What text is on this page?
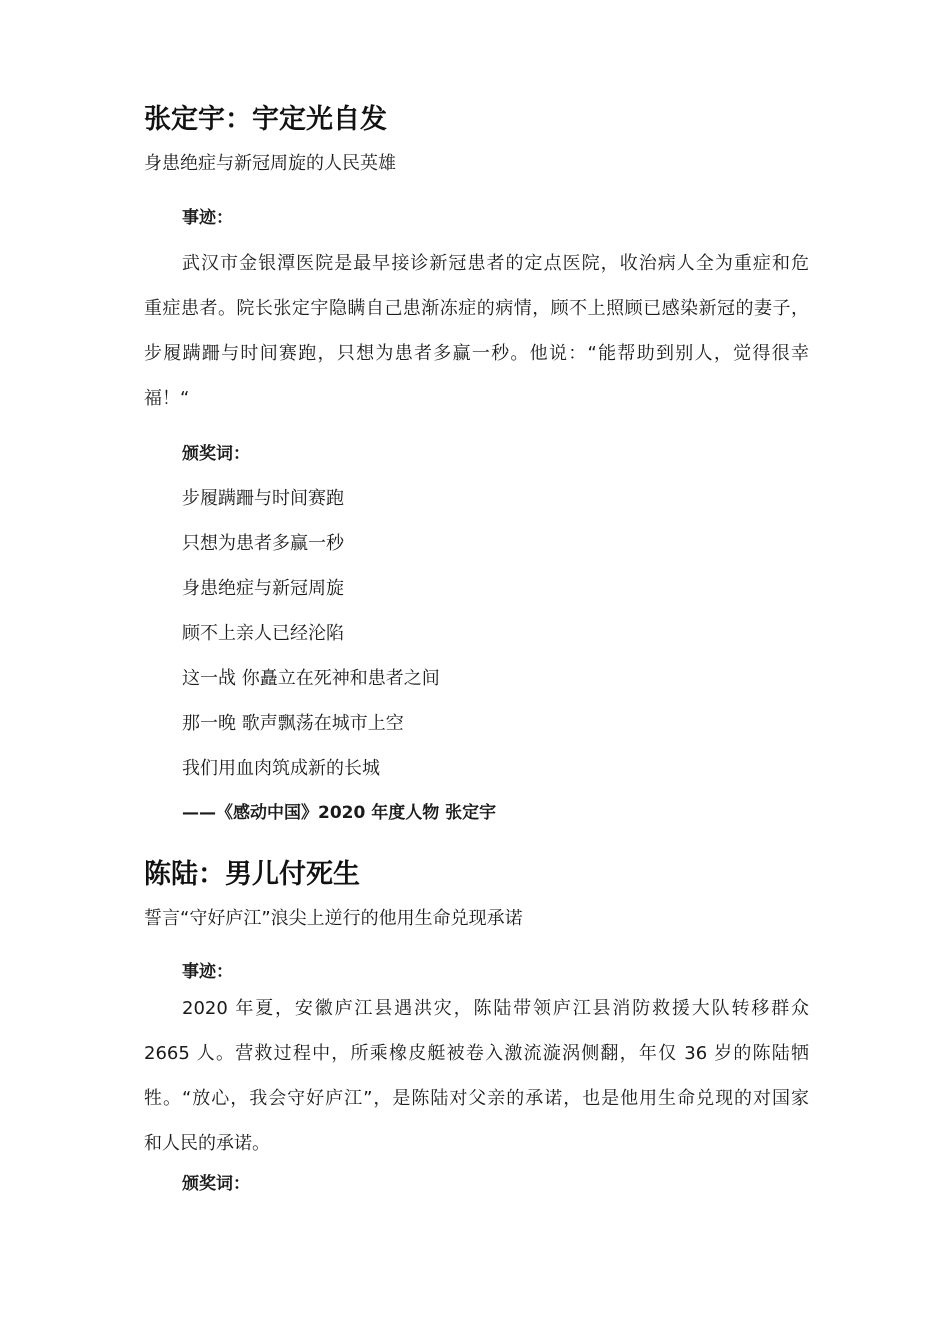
张定宇：宇定光自发
身患绝症与新冠周旋的人民英雄
事迹：
武汉市金银潭医院是最早接诊新冠患者的定点医院，收治病人全为重症和危
重症患者。院长张定宇隐瞒自己患渐冻症的病情，顾不上照顾已感染新冠的妻子，
步履蹒跚与时间赛跑，只想为患者多赢一秒。他说：“能帮助到别人，觉得很幸
福！“
颁奖词：
步履蹒跚与时间赛跑
只想为患者多赢一秒
身患绝症与新冠周旋
顾不上亲人已经沦陷
这一战 你矗立在死神和患者之间
那一晚 歌声飘荡在城市上空
我们用血肉筑成新的长城
——《感动中国》2020 年度人物 张定宇
陈陆：男儿付死生
誓言“守好庐江”浪尖上逆行的他用生命兑现承诺
事迹：
2020 年夏，安徽庐江县遇洪灾，陈陆带领庐江县消防救援大队转移群众
2665 人。营救过程中，所乘橡皮艇被卷入激流漩涡侧翻，年仅 36 岁的陈陆牺
牲。“放心，我会守好庐江”，是陈陆对父亲的承诺，也是他用生命兑现的对国家
和人民的承诺。
颁奖词：
